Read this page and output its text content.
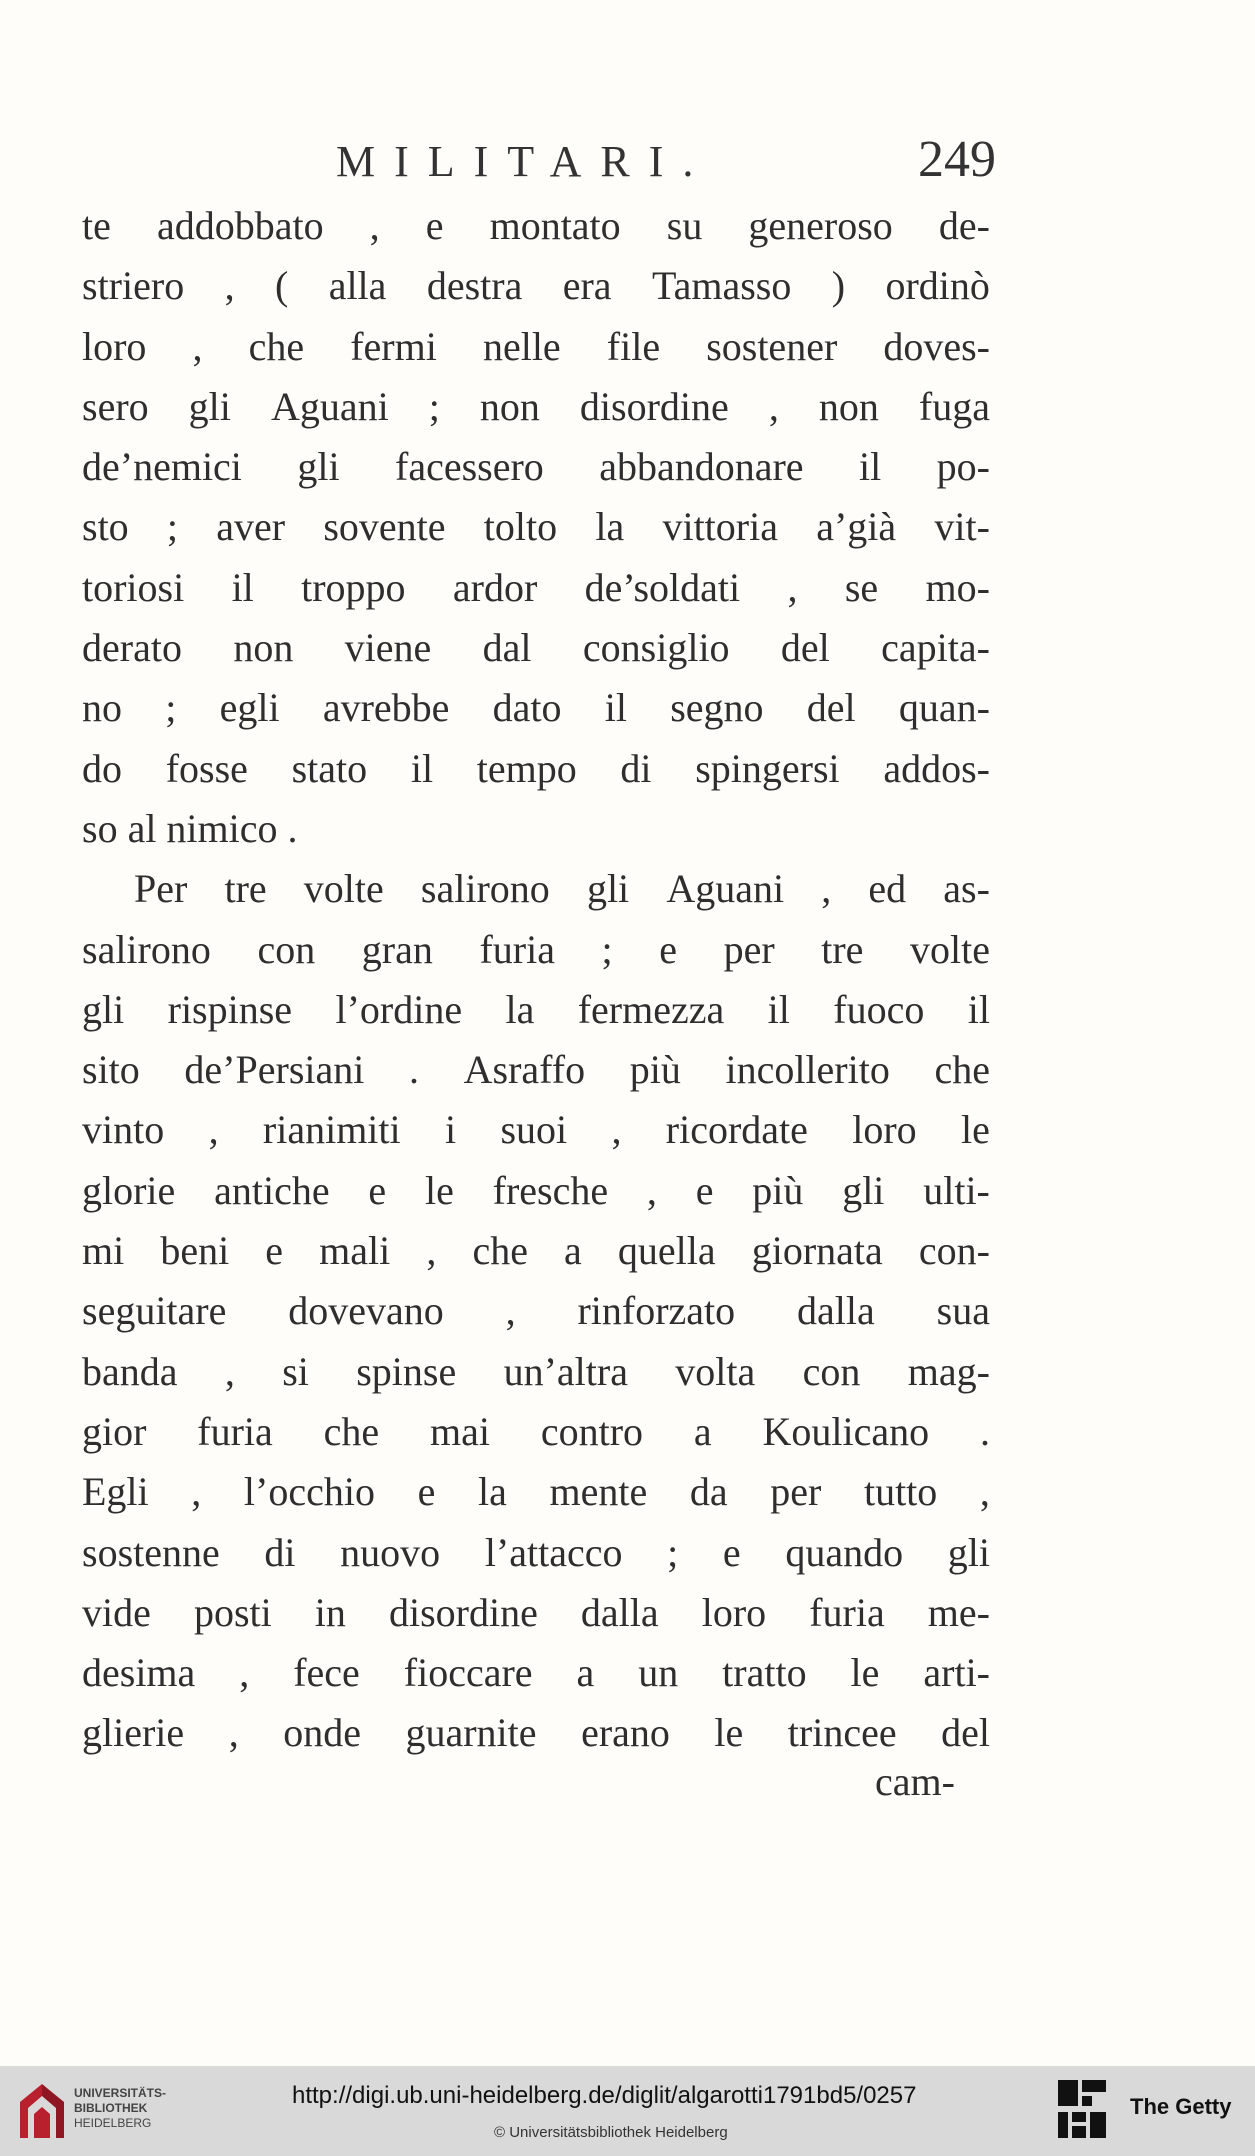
MILITARI.	249
te addobbato , e montato su generoso de-
striero , ( alla destra era Tamasso ) ordinò
loro , che fermi nelle file sostener doves-
sero gli Aguani ; non disordine , non fuga
de’nemici gli facessero abbandonare il po-
sto ; aver sovente tolto la vittoria a’già vit-
toriosi il troppo ardor de’soldati , se mo-
derato non viene dal consiglio del capita-
no ; egli avrebbe dato il segno del quan-
do fosse stato il tempo di spingersi addos-
so al nimico .
Per tre volte salirono gli Aguani , ed as-
salirono con gran furia ; e per tre volte
gli rispinse l’ordine la fermezza il fuoco il
sito de’Persiani . Asraffo più incollerito che
vinto , rianimiti i suoi , ricordate loro le
glorie antiche e le fresche , e più gli ulti-
mi beni e mali , che a quella giornata con-
seguitare dovevano , rinforzato dalla sua
banda , si spinse un’altra volta con mag-
gior furia che mai contro a Koulicano .
Egli , l’occhio e la mente da per tutto ,
sostenne di nuovo l’attacco ; e quando gli
vide posti in disordine dalla loro furia me-
desima , fece fioccare a un tratto le arti-
glierie , onde guarnite erano le trincee del
cam-
UNIVERSITÄTS-
BIBLIOTHEK
HEIDELBERG
http://digi.ub.uni-heidelberg.de/diglit/algarotti1791bd5/0257
© Universitätsbibliothek Heidelberg
The Getty
